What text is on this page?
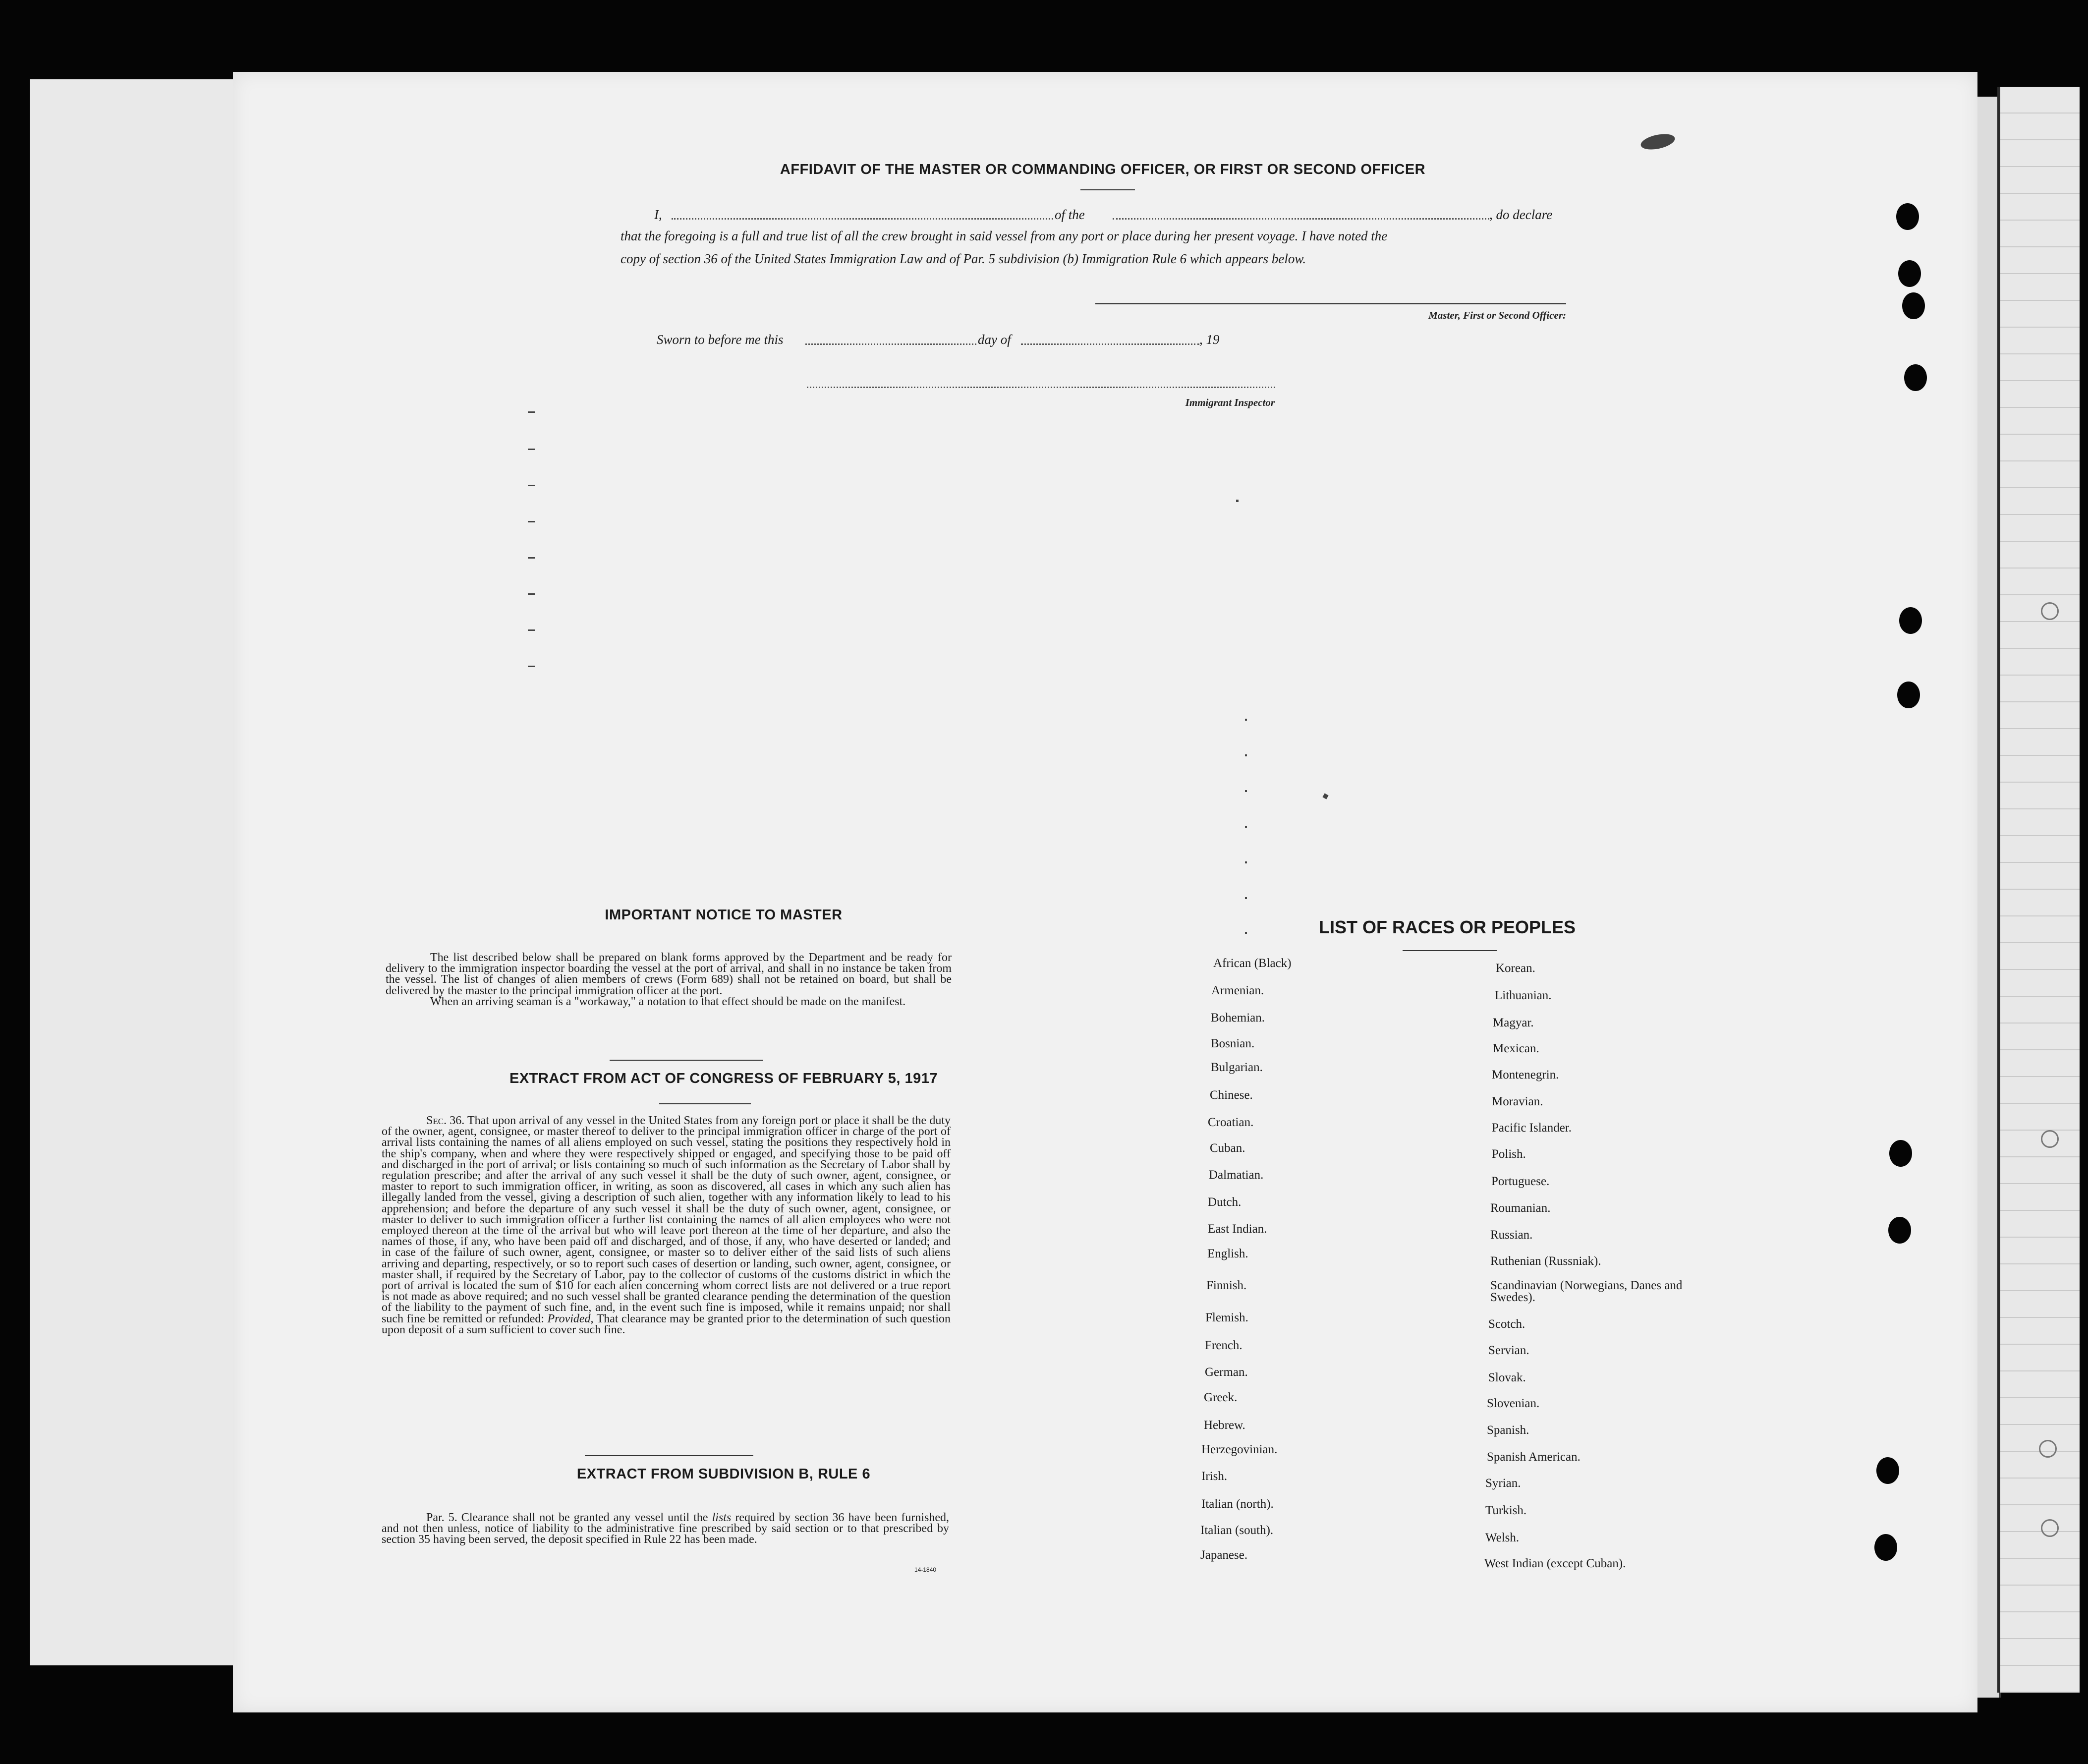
AFFIDAVIT OF THE MASTER OR COMMANDING OFFICER, OR FIRST OR SECOND OFFICER
I,	of the	, do declare
that the foregoing is a full and true list of all the crew brought in said vessel from any port or place during her present voyage. I have noted the
copy of section 36 of the United States Immigration Law and of Par. 5 subdivision (b) Immigration Rule 6 which appears below.
Master, First or Second Officer:
Sworn to before me this	day of	, 19
Immigrant Inspector
IMPORTANT NOTICE TO MASTER

The list described below shall be prepared on blank forms approved by the Department and be ready for delivery to the immigration inspector boarding the vessel at the port of arrival, and shall in no instance be taken from the vessel. The list of changes of alien members of crews (Form 689) shall not be retained on board, but shall be delivered by the master to the principal immigration officer at the port.

When an arriving seaman is a "workaway," a notation to that effect should be made on the manifest.

EXTRACT FROM ACT OF CONGRESS OF FEBRUARY 5, 1917

Sec. 36. That upon arrival of any vessel in the United States from any foreign port or place it shall be the duty of the owner, agent, consignee, or master thereof to deliver to the principal immigration officer in charge of the port of arrival lists containing the names of all aliens employed on such vessel, stating the positions they respectively hold in the ship's company, when and where they were respectively shipped or engaged, and specifying those to be paid off and discharged in the port of arrival; or lists containing so much of such information as the Secretary of Labor shall by regulation prescribe; and after the arrival of any such vessel it shall be the duty of such owner, agent, consignee, or master to report to such immigration officer, in writing, as soon as discovered, all cases in which any such alien has illegally landed from the vessel, giving a description of such alien, together with any information likely to lead to his apprehension; and before the departure of any such vessel it shall be the duty of such owner, agent, consignee, or master to deliver to such immigration officer a further list containing the names of all alien employees who were not employed thereon at the time of the arrival but who will leave port thereon at the time of her departure, and also the names of those, if any, who have been paid off and discharged, and of those, if any, who have deserted or landed; and in case of the failure of such owner, agent, consignee, or master so to deliver either of the said lists of such aliens arriving and departing, respectively, or so to report such cases of desertion or landing, such owner, agent, consignee, or master shall, if required by the Secretary of Labor, pay to the collector of customs of the customs district in which the port of arrival is located the sum of $10 for each alien concerning whom correct lists are not delivered or a true report is not made as above required; and no such vessel shall be granted clearance pending the determination of the question of the liability to the payment of such fine, and, in the event such fine is imposed, while it remains unpaid; nor shall such fine be remitted or refunded: Provided, That clearance may be granted prior to the determination of such question upon deposit of a sum sufficient to cover such fine.

EXTRACT FROM SUBDIVISION B, RULE 6

Par. 5. Clearance shall not be granted any vessel until the lists required by section 36 have been furnished, and not then unless, notice of liability to the administrative fine prescribed by said section or to that prescribed by section 35 having been served, the deposit specified in Rule 22 has been made.

14-1840
LIST OF RACES OR PEOPLES
African (Black)
Armenian.
Bohemian.
Bosnian.
Bulgarian.
Chinese.
Croatian.
Cuban.
Dalmatian.
Dutch.
East Indian.
English.
Finnish.
Flemish.
French.
German.
Greek.
Hebrew.
Herzegovinian.
Irish.
Italian (north).
Italian (south).
Japanese.
Korean.
Lithuanian.
Magyar.
Mexican.
Montenegrin.
Moravian.
Pacific Islander.
Polish.
Portuguese.
Roumanian.
Russian.
Ruthenian (Russniak).
Scandinavian (Norwegians, Danes and Swedes).
Scotch.
Servian.
Slovak.
Slovenian.
Spanish.
Spanish American.
Syrian.
Turkish.
Welsh.
West Indian (except Cuban).
